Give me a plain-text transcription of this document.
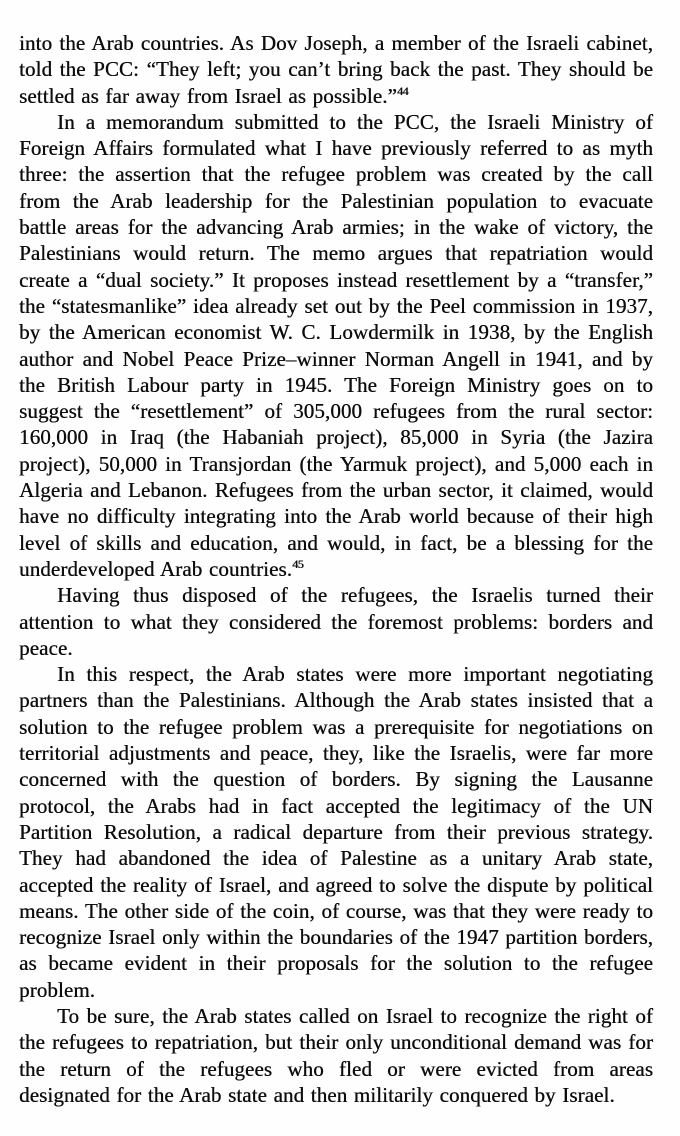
into the Arab countries. As Dov Joseph, a member of the Israeli cabinet, told the PCC: “They left; you can’t bring back the past. They should be settled as far away from Israel as possible.”$^{44}$

In a memorandum submitted to the PCC, the Israeli Ministry of Foreign Affairs formulated what I have previously referred to as myth three: the assertion that the refugee problem was created by the call from the Arab leadership for the Palestinian population to evacuate battle areas for the advancing Arab armies; in the wake of victory, the Palestinians would return. The memo argues that repatriation would create a “dual society.” It proposes instead resettlement by a “transfer,” the “statesmanlike” idea already set out by the Peel commission in 1937, by the American economist W. C. Lowdermilk in 1938, by the English author and Nobel Peace Prize–winner Norman Angell in 1941, and by the British Labour party in 1945. The Foreign Ministry goes on to suggest the “resettlement” of 305,000 refugees from the rural sector: 160,000 in Iraq (the Habaniah project), 85,000 in Syria (the Jazira project), 50,000 in Transjordan (the Yarmuk project), and 5,000 each in Algeria and Lebanon. Refugees from the urban sector, it claimed, would have no difficulty integrating into the Arab world because of their high level of skills and education, and would, in fact, be a blessing for the underdeveloped Arab countries.$^{45}$

Having thus disposed of the refugees, the Israelis turned their attention to what they considered the foremost problems: borders and peace.

In this respect, the Arab states were more important negotiating partners than the Palestinians. Although the Arab states insisted that a solution to the refugee problem was a prerequisite for negotiations on territorial adjustments and peace, they, like the Israelis, were far more concerned with the question of borders. By signing the Lausanne protocol, the Arabs had in fact accepted the legitimacy of the UN Partition Resolution, a radical departure from their previous strategy. They had abandoned the idea of Palestine as a unitary Arab state, accepted the reality of Israel, and agreed to solve the dispute by political means. The other side of the coin, of course, was that they were ready to recognize Israel only within the boundaries of the 1947 partition borders, as became evident in their proposals for the solution to the refugee problem.

To be sure, the Arab states called on Israel to recognize the right of the refugees to repatriation, but their only unconditional demand was for the return of the refugees who fled or were evicted from areas designated for the Arab state and then militarily conquered by Israel.
